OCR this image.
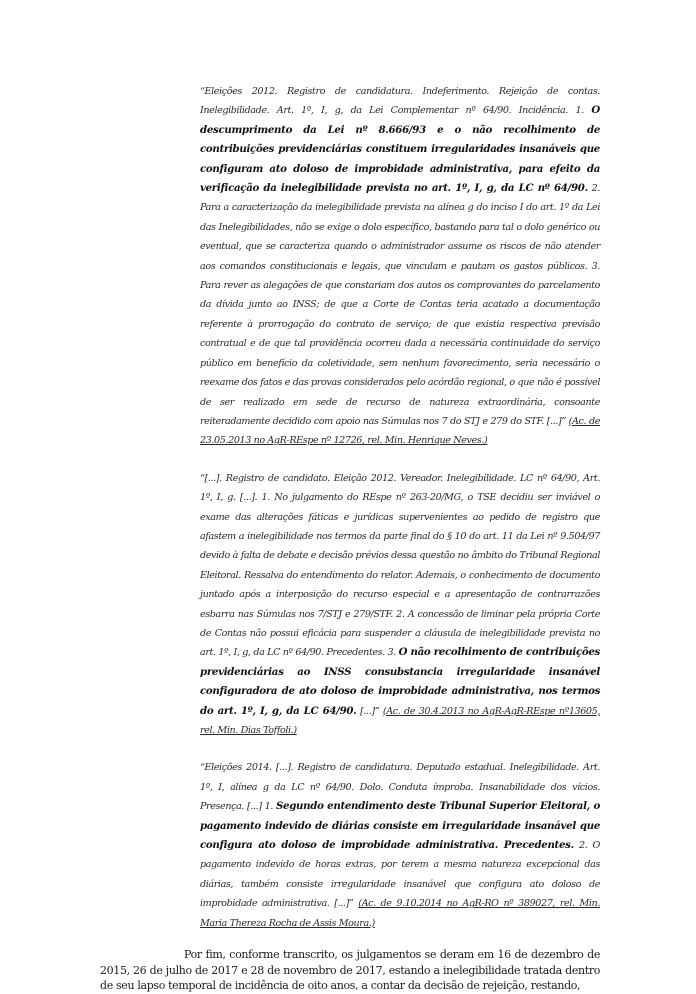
“Eleições 2012. Registro de candidatura. Indeferimento. Rejeição de contas. Inelegibilidade. Art. 1º, I, g, da Lei Complementar nº 64/90. Incidência. 1. O descumprimento da Lei nº 8.666/93 e o não recolhimento de contribuições previdenciárias constituem irregularidades insanáveis que configuram ato doloso de improbidade administrativa, para efeito da verificação da inelegibilidade prevista no art. 1º, I, g, da LC nº 64/90. 2. Para a caracterização da inelegibilidade prevista na alínea g do inciso I do art. 1º da Lei das Inelegibilidades, não se exige o dolo específico, bastando para tal o dolo genérico ou eventual, que se caracteriza quando o administrador assume os riscos de não atender aos comandos constitucionais e legais, que vinculam e pautam os gastos públicos. 3. Para rever as alegações de que constariam dos autos os comprovantes do parcelamento da dívida junto ao INSS; de que a Corte de Contas teria acatado a documentação referente à prorrogação do contrato de serviço; de que existia respectiva previsão contratual e de que tal providência ocorreu dada a necessária continuidade do serviço público em benefício da coletividade, sem nenhum favorecimento, seria necessário o reexame dos fatos e das provas considerados pelo acórdão regional, o que não é possível de ser realizado em sede de recurso de natureza extraordinária, consoante reiteradamente decidido com apoio nas Súmulas nos 7 do STJ e 279 do STF. [...]” (Ac. de 23.05.2013 no AgR-REspe nº 12726, rel. Min. Henrique Neves.)
“[...]. Registro de candidato. Eleição 2012. Vereador. Inelegibilidade. LC nº 64/90, Art. 1º, I, g. [...]. 1. No julgamento do REspe nº 263-20/MG, o TSE decidiu ser inviável o exame das alterações fáticas e jurídicas supervenientes ao pedido de registro que afastem a inelegibilidade nos termos da parte final do § 10 do art. 11 da Lei nº 9.504/97 devido à falta de debate e decisão prévios dessa questão no âmbito do Tribunal Regional Eleitoral. Ressalva do entendimento do relator. Ademais, o conhecimento de documento juntado após a interposição do recurso especial e a apresentação de contrarrazões esbarra nas Súmulas nos 7/STJ e 279/STF. 2. A concessão de liminar pela própria Corte de Contas não possui eficácia para suspender a cláusula de inelegibilidade prevista no art. 1º, I, g, da LC nº 64/90. Precedentes. 3. O não recolhimento de contribuições previdenciárias ao INSS consubstancia irregularidade insanável configuradora de ato doloso de improbidade administrativa, nos termos do art. 1º, I, g, da LC 64/90. [...]” (Ac. de 30.4.2013 no AgR-AgR-REspe nº13605, rel. Min. Dias Toffoli.)
“Eleições 2014. [...]. Registro de candidatura. Deputado estadual. Inelegibilidade. Art. 1º, I, alínea g da LC nº 64/90. Dolo. Conduta ímproba. Insanabilidade dos vícios. Presença. [...] 1. Segundo entendimento deste Tribunal Superior Eleitoral, o pagamento indevido de diárias consiste em irregularidade insanável que configura ato doloso de improbidade administrativa. Precedentes. 2. O pagamento indevido de horas extras, por terem a mesma natureza excepcional das diárias, também consiste irregularidade insanável que configura ato doloso de improbidade administrativa. [...]” (Ac. de 9.10.2014 no AgR-RO nº 389027, rel. Min. Maria Thereza Rocha de Assis Moura.)
Por fim, conforme transcrito, os julgamentos se deram em 16 de dezembro de 2015, 26 de julho de 2017 e 28 de novembro de 2017, estando a inelegibilidade tratada dentro de seu lapso temporal de incidência de oito anos, a contar da decisão de rejeição, restando,
